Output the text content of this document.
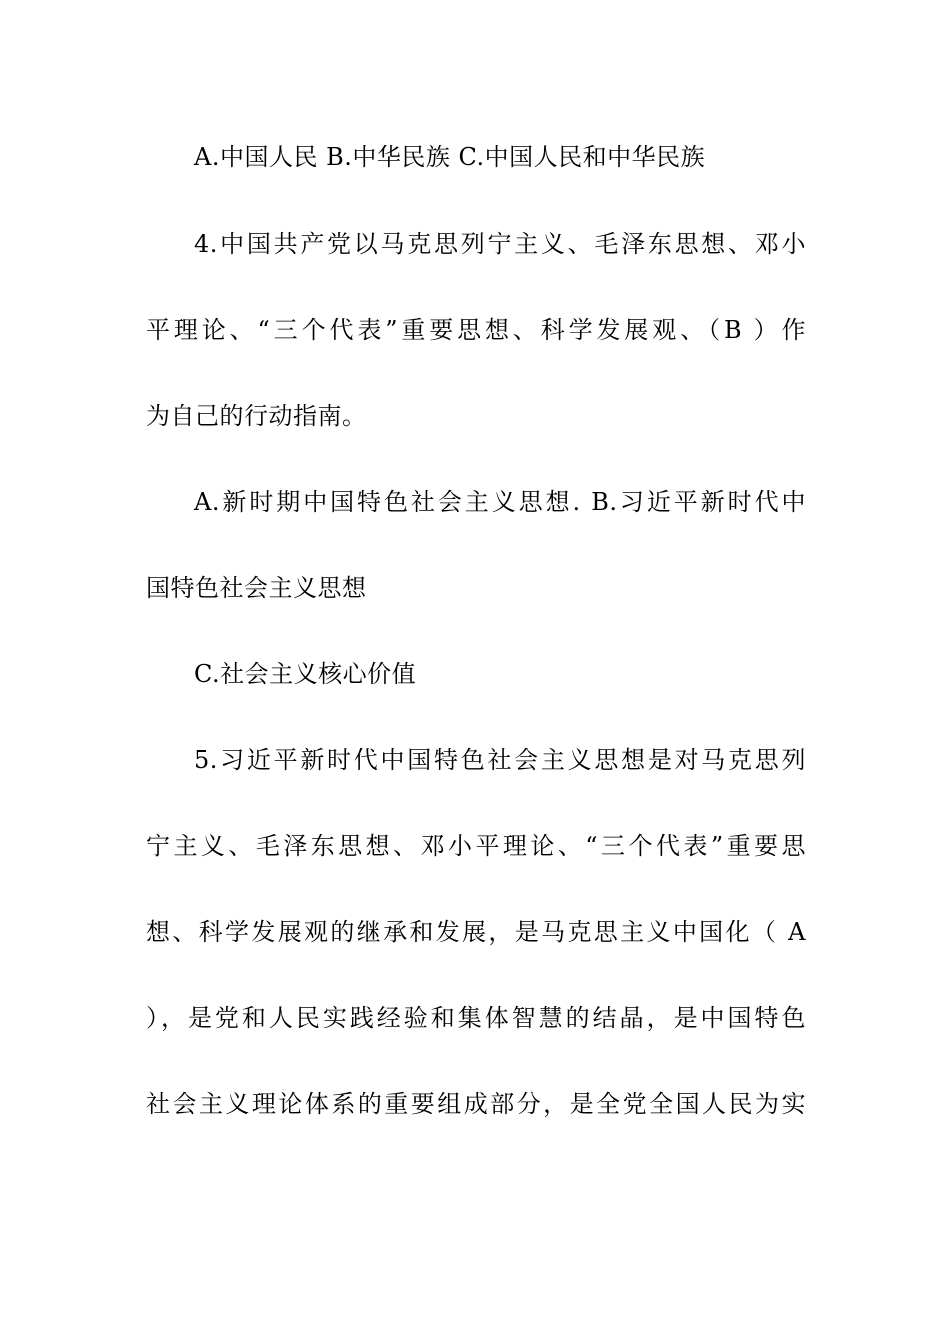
A.中国人民 B.中华民族 C.中国人民和中华民族
4.中国共产党以马克思列宁主义、毛泽东思想、邓小
平理论、“三个代表”重要思想、科学发展观、（B ）作
为自己的行动指南。
A.新时期中国特色社会主义思想. B.习近平新时代中
国特色社会主义思想
C.社会主义核心价值
5.习近平新时代中国特色社会主义思想是对马克思列
宁主义、毛泽东思想、邓小平理论、“三个代表”重要思
想、科学发展观的继承和发展，是马克思主义中国化（ A
），是党和人民实践经验和集体智慧的结晶，是中国特色
社会主义理论体系的重要组成部分，是全党全国人民为实
